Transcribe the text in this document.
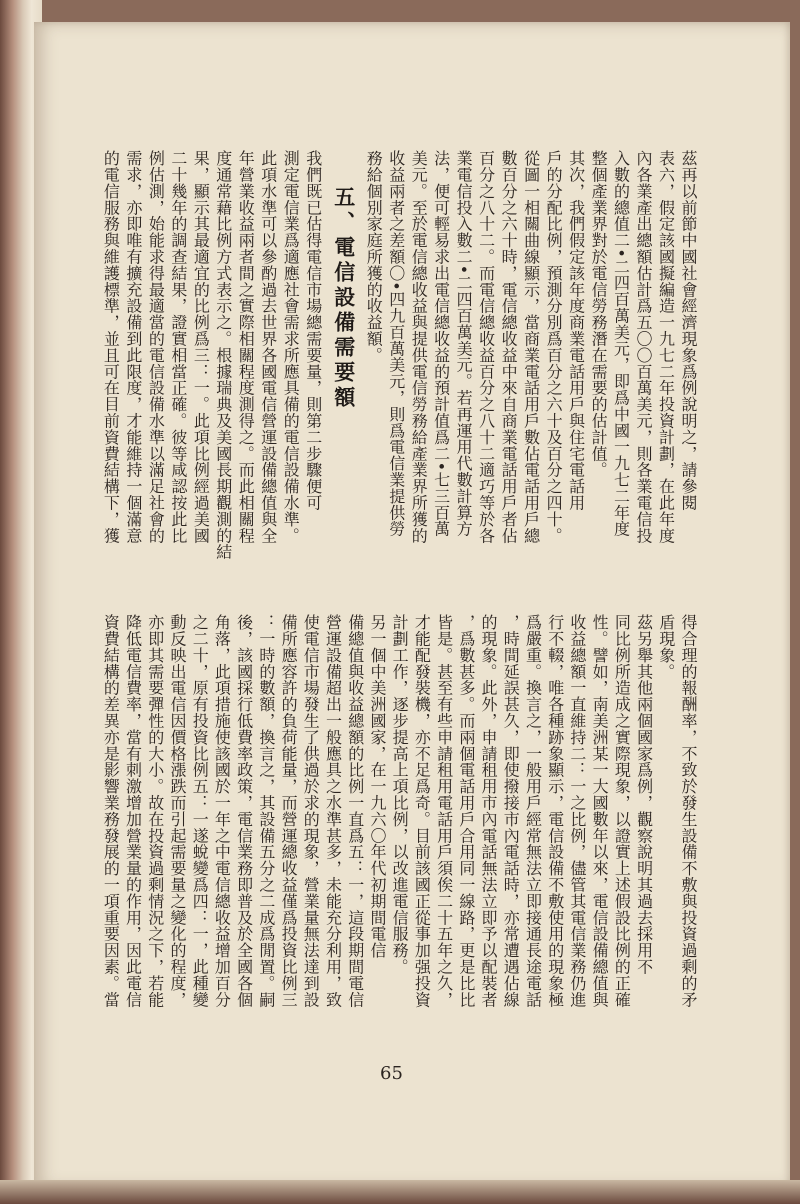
茲再以前節中國社會經濟現象爲例說明之，請參閱
表六，假定該國擬編造一九七二年投資計劃，在此年度
內各業產出總額估計爲五〇〇百萬美元，則各業電信投
入數的總值二•二四百萬美元，即爲中國一九七二年度
整個產業界對於電信勞務潛在需要的估計值。
其次，我們假定該年度商業電話用戶與住宅電話用
戶的分配比例，預測分別爲百分之六十及百分之四十。
從圖一相關曲線顯示，當商業電話用戶數佔電話用戶總
數百分之六十時，電信總收益中來自商業電話用戶者佔
百分之八十二。而電信總收益百分之八十二適巧等於各
業電信投入數二•二四百萬美元。若再運用代數計算方
法，便可輕易求出電信總收益的預計值爲二•七三百萬
美元。至於電信總收益與提供電信勞務給產業界所獲的
收益兩者之差額〇•四九百萬美元，則爲電信業提供勞
務給個別家庭所獲的收益額。
五、電信設備需要額
我們既已估得電信市場總需要量，則第二步驟便可
測定電信業爲適應社會需求所應具備的電信設備水準。
此項水準可以參酌過去世界各國電信營運設備總值與全
年營業收益兩者間之實際相關程度測得之。而此相關程
度通常藉比例方式表示之。根據瑞典及美國長期觀測的結
果，顯示其最適宜的比例爲三：一。此項比例經過美國
二十幾年的調查結果，證實相當正確。彼等咸認按此比
例估測，始能求得最適當的電信設備水準以滿足社會的
需求，亦即唯有擴充設備到此限度，才能維持一個滿意
的電信服務與維護標準，並且可在目前資費結構下，獲
得合理的報酬率，不致於發生設備不敷與投資過剩的矛
盾現象。
茲另舉其他兩個國家爲例，觀察說明其過去採用不
同比例所造成之實際現象，以證實上述假設比例的正確
性。譬如，南美洲某一大國數年以來，電信設備總值與
收益總額一直維持二：一之比例，儘管其電信業務仍進
行不輟，唯各種跡象顯示，電信設備不敷使用的現象極
爲嚴重。換言之，一般用戶經常無法立即接通長途電話
，時間延誤甚久，即使撥接市內電話時，亦常遭遇佔線
的現象。此外，申請租用市內電話無法立即予以配裝者
，爲數甚多。而兩個電話用戶合用同一線路，更是比比
皆是。甚至有些申請租用電話用戶須俟二十五年之久，
才能配發裝機，亦不足爲奇。目前該國正從事加强投資
計劃工作，逐步提高上項比例，以改進電信服務。
另一個中美洲國家，在一九六〇年代初期間電信
備總值與收益總額的比例一直爲五：一，這段期間電信
營運設備超出一般應具之水準甚多，未能充分利用，致
使電信市場發生了供過於求的現象，營業量無法達到設
備所應容許的負荷能量，而營運總收益僅爲投資比例三
：一時的數額，換言之，其設備五分之二成爲閒置。嗣
後，該國採行低費率政策，電信業務即普及於全國各個
角落，此項措施使該國於一年之中電信總收益增加百分
之二十，原有投資比例五：一遂蛻變爲四：一，此種變
動反映出電信因價格漲跌而引起需要量之變化的程度，
亦即其需要彈性的大小。故在投資過剩情況之下，若能
降低電信費率，當有刺激增加營業量的作用，因此電信
資費結構的差異亦是影響業務發展的一項重要因素。當
65
